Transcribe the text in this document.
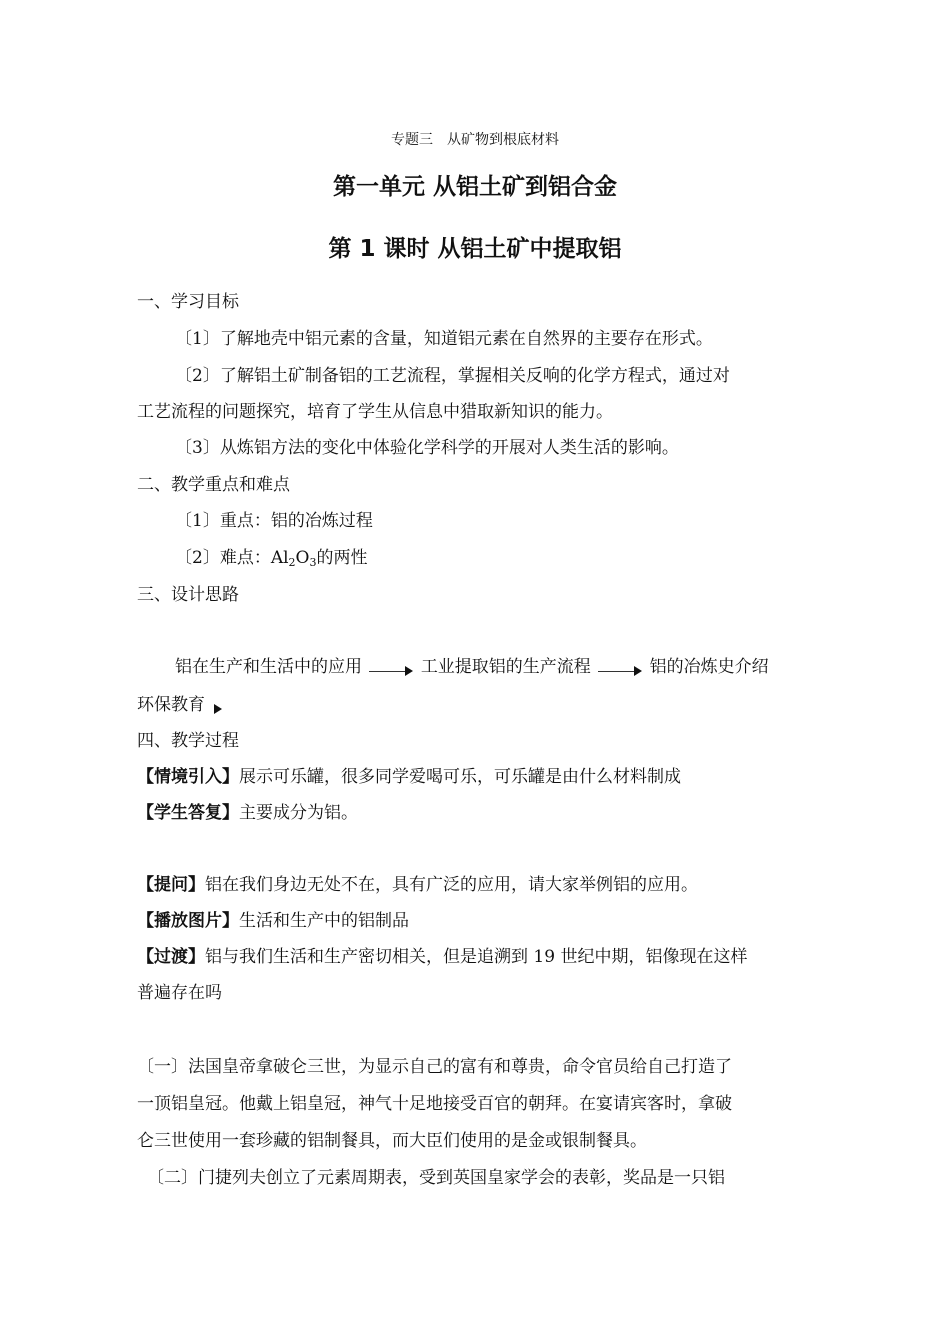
专题三　从矿物到根底材料
第一单元 从铝土矿到铝合金
第 1 课时 从铝土矿中提取铝
一、学习目标
〔1〕了解地壳中铝元素的含量，知道铝元素在自然界的主要存在形式。
〔2〕了解铝土矿制备铝的工艺流程，掌握相关反响的化学方程式，通过对
工艺流程的问题探究，培育了学生从信息中猎取新知识的能力。
〔3〕从炼铝方法的变化中体验化学科学的开展对人类生活的影响。
二、教学重点和难点
〔1〕重点：铝的冶炼过程
〔2〕难点：$Al_2O_3$的两性
三、设计思路
铝在生产和生活中的应用	工业提取铝的生产流程	铝的冶炼史介绍
环保教育
四、教学过程
【情境引入】展示可乐罐，很多同学爱喝可乐，可乐罐是由什么材料制成
【学生答复】主要成分为铝。
【提问】铝在我们身边无处不在，具有广泛的应用，请大家举例铝的应用。
【播放图片】生活和生产中的铝制品
【过渡】铝与我们生活和生产密切相关，但是追溯到 19 世纪中期，铝像现在这样
普遍存在吗
〔一〕法国皇帝拿破仑三世，为显示自己的富有和尊贵，命令官员给自己打造了
一顶铝皇冠。他戴上铝皇冠，神气十足地接受百官的朝拜。在宴请宾客时，拿破
仑三世使用一套珍藏的铝制餐具，而大臣们使用的是金或银制餐具。
〔二〕门捷列夫创立了元素周期表，受到英国皇家学会的表彰，奖品是一只铝
